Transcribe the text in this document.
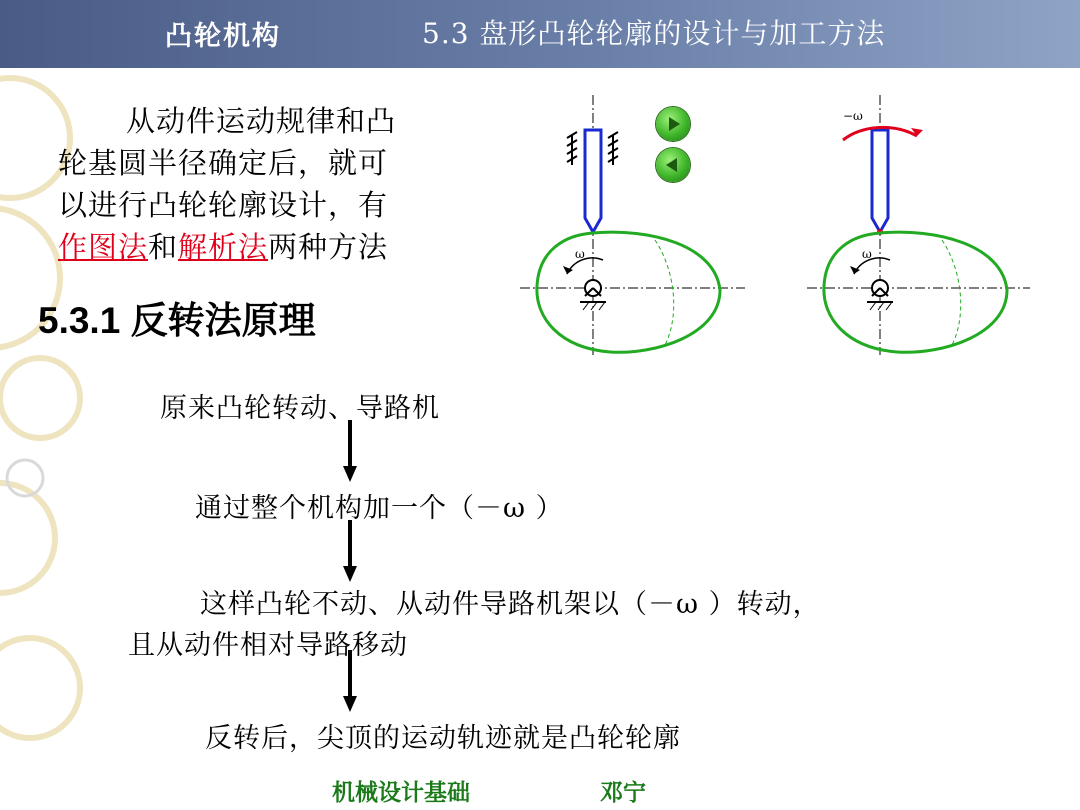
凸轮机构	5.3 盘形凸轮轮廓的设计与加工方法

从动件运动规律和凸

轮基圆半径确定后，就可

以进行凸轮轮廓设计，有

作图法和解析法两种方法

5.3.1 反转法原理
ω
−ω
ω
原来凸轮转动、导路机
通过整个机构加一个（－ω ）
这样凸轮不动、从动件导路机架以（－ω ）转动，
且从动件相对导路移动
反转后，尖顶的运动轨迹就是凸轮轮廓
机械设计基础	邓宁
